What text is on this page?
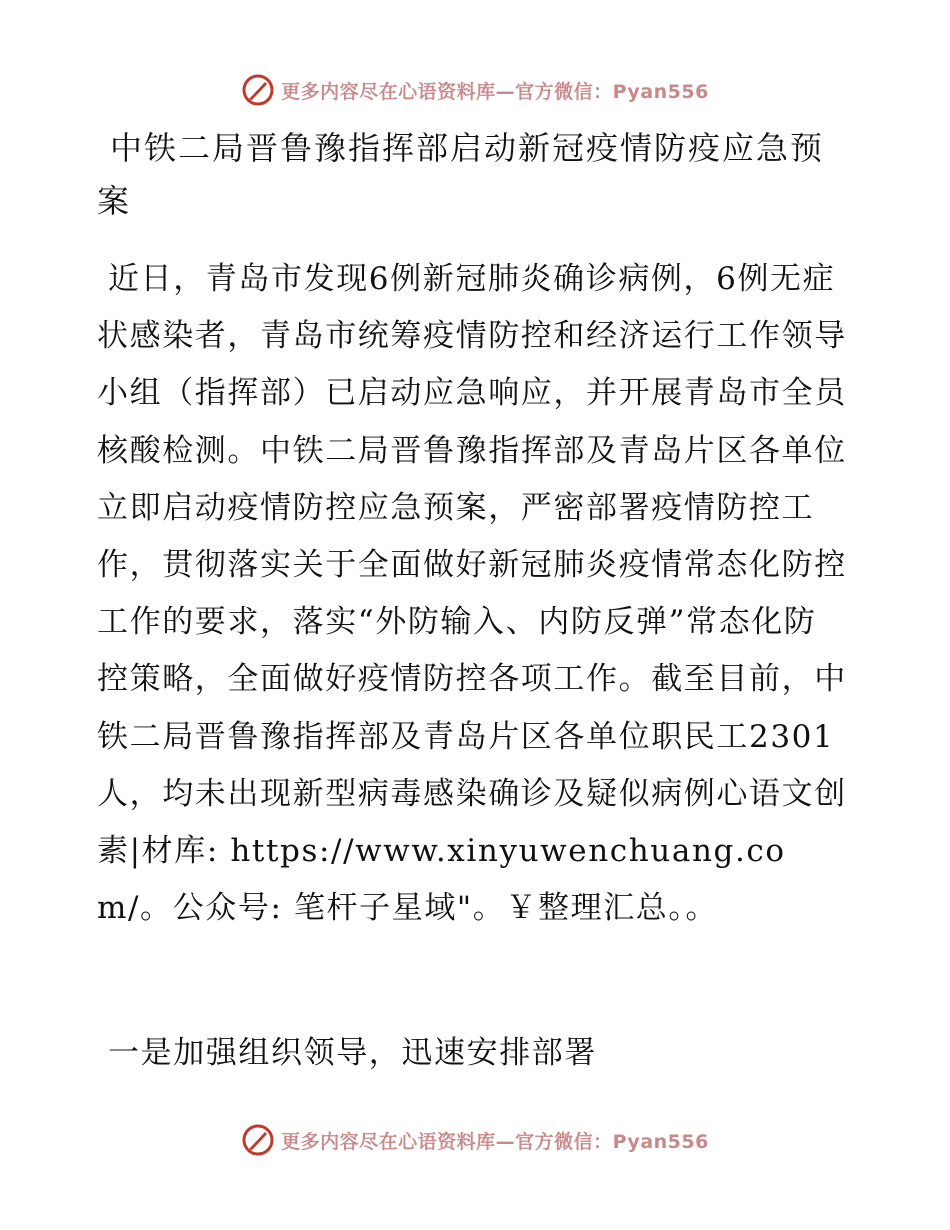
更多内容尽在心语资料库—官方微信：Pyan556
中铁二局晋鲁豫指挥部启动新冠疫情防疫应急预案

近日，青岛市发现6例新冠肺炎确诊病例，6例无症状感染者，青岛市统筹疫情防控和经济运行工作领导小组（指挥部）已启动应急响应，并开展青岛市全员核酸检测。中铁二局晋鲁豫指挥部及青岛片区各单位立即启动疫情防控应急预案，严密部署疫情防控工作，贯彻落实关于全面做好新冠肺炎疫情常态化防控工作的要求，落实“外防输入、内防反弹”常态化防控策略，全面做好疫情防控各项工作。截至目前，中铁二局晋鲁豫指挥部及青岛片区各单位职民工2301人，均未出现新型病毒感染确诊及疑似病例心语文创素|材库: https://www.xinyuwenchuang.com/。公众号: 笔杆子星域"。￥整理汇总。。

一是加强组织领导，迅速安排部署
更多内容尽在心语资料库—官方微信：Pyan556
